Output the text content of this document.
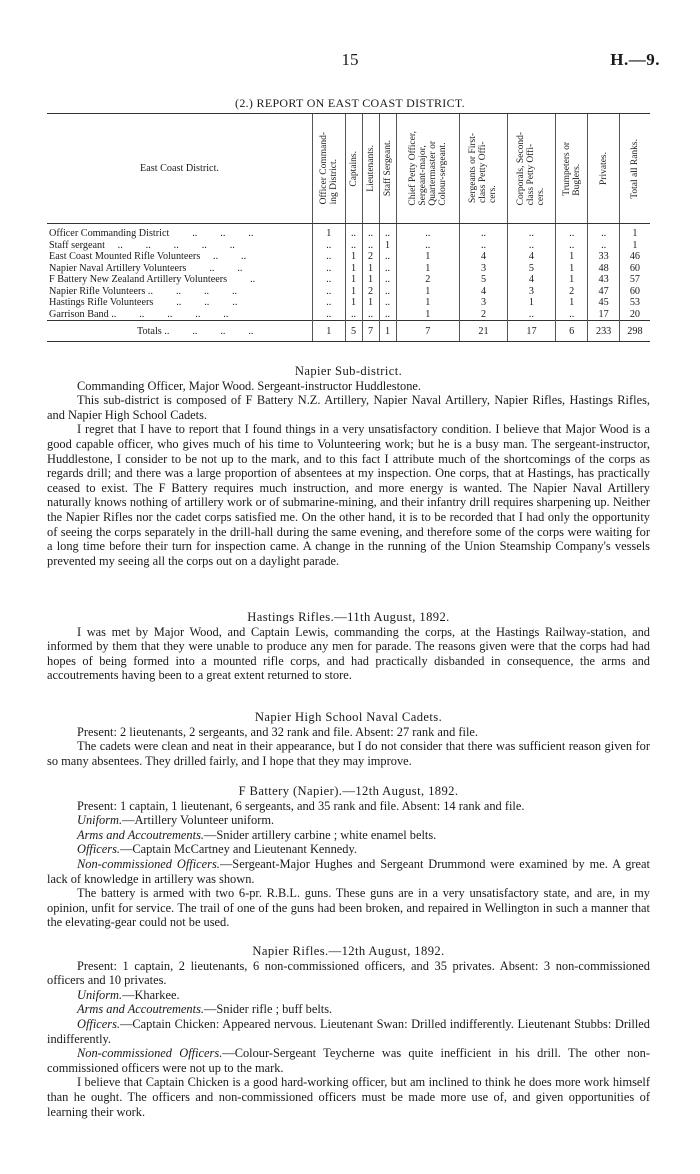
15	H.—9.
(2.) REPORT ON EAST COAST DISTRICT.
East Coast District.	Officer Command-
ing District.	Captains.	Lieutenants.	Staff Sergeant.	Chief Petty Officer,
Sergeant-major,
Quartermaster or
Colour-sergeant.	Sergeants or First-
class Petty Offi-
cers.	Corporals, Second-
class Petty Offi-
cers.	Trumpeters or
Buglers.	Privates.	Total all Ranks.

Officer Commanding District   ..   ..   ..	1	..	..	..	..	..	..	..	..	1
Staff sergeant  ..   ..   ..   ..   ..	..	..	..	1	..	..	..	..	..	1
East Coast Mounted Rifle Volunteers  ..   ..	..	1	2	..	1	4	4	1	33	46
Napier Naval Artillery Volunteers   ..   ..	..	1	1	..	1	3	5	1	48	60
F Battery New Zealand Artillery Volunteers   ..	..	1	1	..	2	5	4	1	43	57
Napier Rifle Volunteers ..   ..   ..   ..	..	1	2	..	1	4	3	2	47	60
Hastings Rifle Volunteers   ..   ..   ..	..	1	1	..	1	3	1	1	45	53
Garrison Band ..   ..   ..   ..   ..	..	..	..	..	1	2	..	..	17	20
Totals ..   ..   ..   ..	1	5	7	1	7	21	17	6	233	298

Napier Sub-district.

Commanding Officer, Major Wood. Sergeant-instructor Huddlestone.

This sub-district is composed of F Battery N.Z. Artillery, Napier Naval Artillery, Napier Rifles, Hastings Rifles, and Napier High School Cadets.

I regret that I have to report that I found things in a very unsatisfactory condition. I believe that Major Wood is a good capable officer, who gives much of his time to Volunteering work; but he is a busy man. The sergeant-instructor, Huddlestone, I consider to be not up to the mark, and to this fact I attribute much of the shortcomings of the corps as regards drill; and there was a large proportion of absentees at my inspection. One corps, that at Hastings, has practically ceased to exist. The F Battery requires much instruction, and more energy is wanted. The Napier Naval Artillery naturally knows nothing of artillery work or of submarine-mining, and their infantry drill requires sharpening up. Neither the Napier Rifles nor the cadet corps satisfied me. On the other hand, it is to be recorded that I had only the opportunity of seeing the corps separately in the drill-hall during the same evening, and therefore some of the corps were waiting for a long time before their turn for inspection came. A change in the running of the Union Steamship Company's vessels prevented my seeing all the corps out on a daylight parade.

Hastings Rifles.—11th August, 1892.

I was met by Major Wood, and Captain Lewis, commanding the corps, at the Hastings Railway-station, and informed by them that they were unable to produce any men for parade. The reasons given were that the corps had had hopes of being formed into a mounted rifle corps, and had practically disbanded in consequence, the arms and accoutrements having been to a great extent returned to store.

Napier High School Naval Cadets.

Present: 2 lieutenants, 2 sergeants, and 32 rank and file. Absent: 27 rank and file.

The cadets were clean and neat in their appearance, but I do not consider that there was sufficient reason given for so many absentees. They drilled fairly, and I hope that they may improve.

F Battery (Napier).—12th August, 1892.

Present: 1 captain, 1 lieutenant, 6 sergeants, and 35 rank and file. Absent: 14 rank and file.

Uniform.—Artillery Volunteer uniform.

Arms and Accoutrements.—Snider artillery carbine ; white enamel belts.

Officers.—Captain McCartney and Lieutenant Kennedy.

Non-commissioned Officers.—Sergeant-Major Hughes and Sergeant Drummond were examined by me. A great lack of knowledge in artillery was shown.

The battery is armed with two 6-pr. R.B.L. guns. These guns are in a very unsatisfactory state, and are, in my opinion, unfit for service. The trail of one of the guns had been broken, and repaired in Wellington in such a manner that the elevating-gear could not be used.

Napier Rifles.—12th August, 1892.

Present: 1 captain, 2 lieutenants, 6 non-commissioned officers, and 35 privates. Absent: 3 non-commissioned officers and 10 privates.

Uniform.—Kharkee.

Arms and Accoutrements.—Snider rifle ; buff belts.

Officers.—Captain Chicken: Appeared nervous. Lieutenant Swan: Drilled indifferently. Lieutenant Stubbs: Drilled indifferently.

Non-commissioned Officers.—Colour-Sergeant Teycherne was quite inefficient in his drill. The other non-commissioned officers were not up to the mark.

I believe that Captain Chicken is a good hard-working officer, but am inclined to think he does more work himself than he ought. The officers and non-commissioned officers must be made more use of, and given opportunities of learning their work.
